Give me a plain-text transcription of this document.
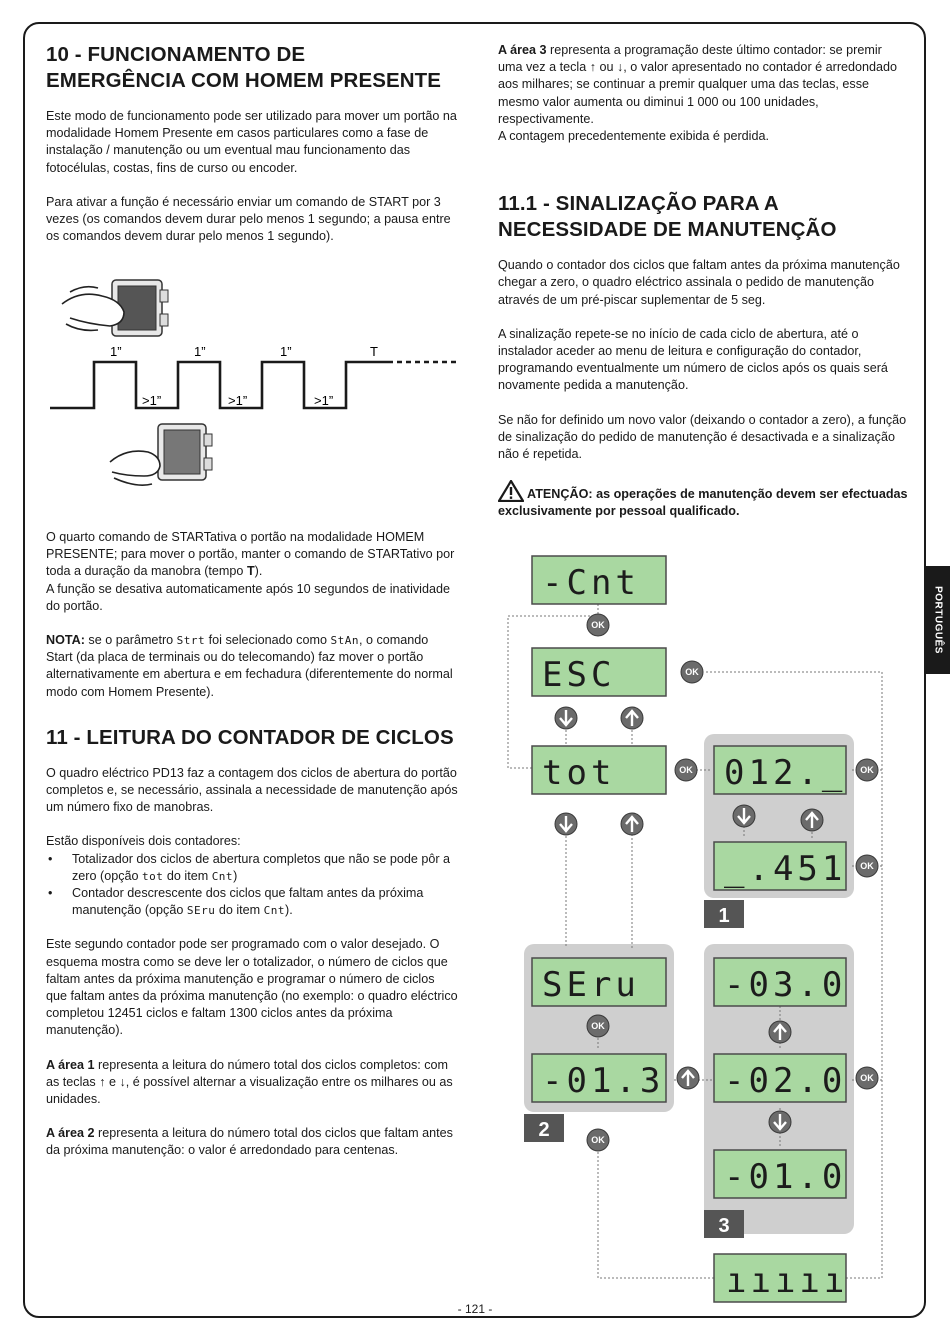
PORTUGUÊS
10 - FUNCIONAMENTO DE
EMERGÊNCIA COM HOMEM PRESENTE

Este modo de funcionamento pode ser utilizado para mover um portão na modalidade Homem Presente em casos particulares como a fase de instalação / manutenção ou um eventual mau funcionamento das fotocélulas, costas, fins de curso ou encoder.

Para ativar a função é necessário enviar um comando de START por 3 vezes (os comandos devem durar pelo menos 1 segundo; a pausa entre os comandos devem durar pelo menos 1 segundo).

1”	1”	1”	T
>1”	>1”	>1”

O quarto comando de STARTativa o portão na modalidade HOMEM PRESENTE; para mover o portão, manter o comando de STARTativo por toda a duração da manobra (tempo T).
A função se desativa automaticamente após 10 segundos de inatividade do portão.

NOTA: se o parâmetro Strt foi selecionado como StAn, o comando Start (da placa de terminais ou do telecomando) faz mover o portão alternativamente em abertura e em fechadura (diferentemente do normal modo com Homem Presente).

11 - LEITURA DO CONTADOR DE CICLOS

O quadro eléctrico PD13 faz a contagem dos ciclos de abertura do portão completos e, se necessário, assinala a necessidade de manutenção após um número fixo de manobras.

Estão disponíveis dois contadores:

• Totalizador dos ciclos de abertura completos que não se pode pôr a zero (opção tot do item Cnt)
• Contador descrescente dos ciclos que faltam antes da próxima manutenção (opção SEru do item Cnt).

Este segundo contador pode ser programado com o valor desejado. O esquema mostra como se deve ler o totalizador, o número de ciclos que faltam antes da próxima manutenção e programar o número de ciclos que faltam antes da próxima manutenção (no exemplo: o quadro eléctrico completou 12451 ciclos e faltam 1300 ciclos antes da próxima manutenção).

A área 1 representa a leitura do número total dos ciclos completos: com as teclas ↑ e ↓, é possível alternar a visualização entre os milhares ou as unidades.

A área 2 representa a leitura do número total dos ciclos que faltam antes da próxima manutenção: o valor é arredondado para centenas.

A área 3 representa a programação deste último contador: se premir uma vez a tecla ↑ ou ↓, o valor apresentado no contador é arredondado aos milhares; se continuar a premir qualquer uma das teclas, esse mesmo valor aumenta ou diminui 1 000 ou 100 unidades, respectivamente.

A contagem precedentemente exibida é perdida.

11.1 - SINALIZAÇÃO PARA A
NECESSIDADE DE MANUTENÇÃO

Quando o contador dos ciclos que faltam antes da próxima manutenção chegar a zero, o quadro eléctrico assinala o pedido de manutenção através de um pré-piscar suplementar de 5 seg.

A sinalização repete-se no início de cada ciclo de abertura, até o instalador aceder ao menu de leitura e configuração do contador, programando eventualmente um número de ciclos após os quais será novamente pedida a manutenção.

Se não for definido um novo valor (deixando o contador a zero), a função de sinalização do pedido de manutenção é desactivada e a sinalização não é repetida.

ATENÇÃO: as operações de manutenção devem ser efectuadas exclusivamente por pessoal qualificado.

1
2
3
-Cnt
ESC
tot	012._
_.451
SEru
-01.3
-03.0
-02.0
-01.0
ııııı
OK
OK
OK	OK
OK
OK
OK
OK
- 121 -
